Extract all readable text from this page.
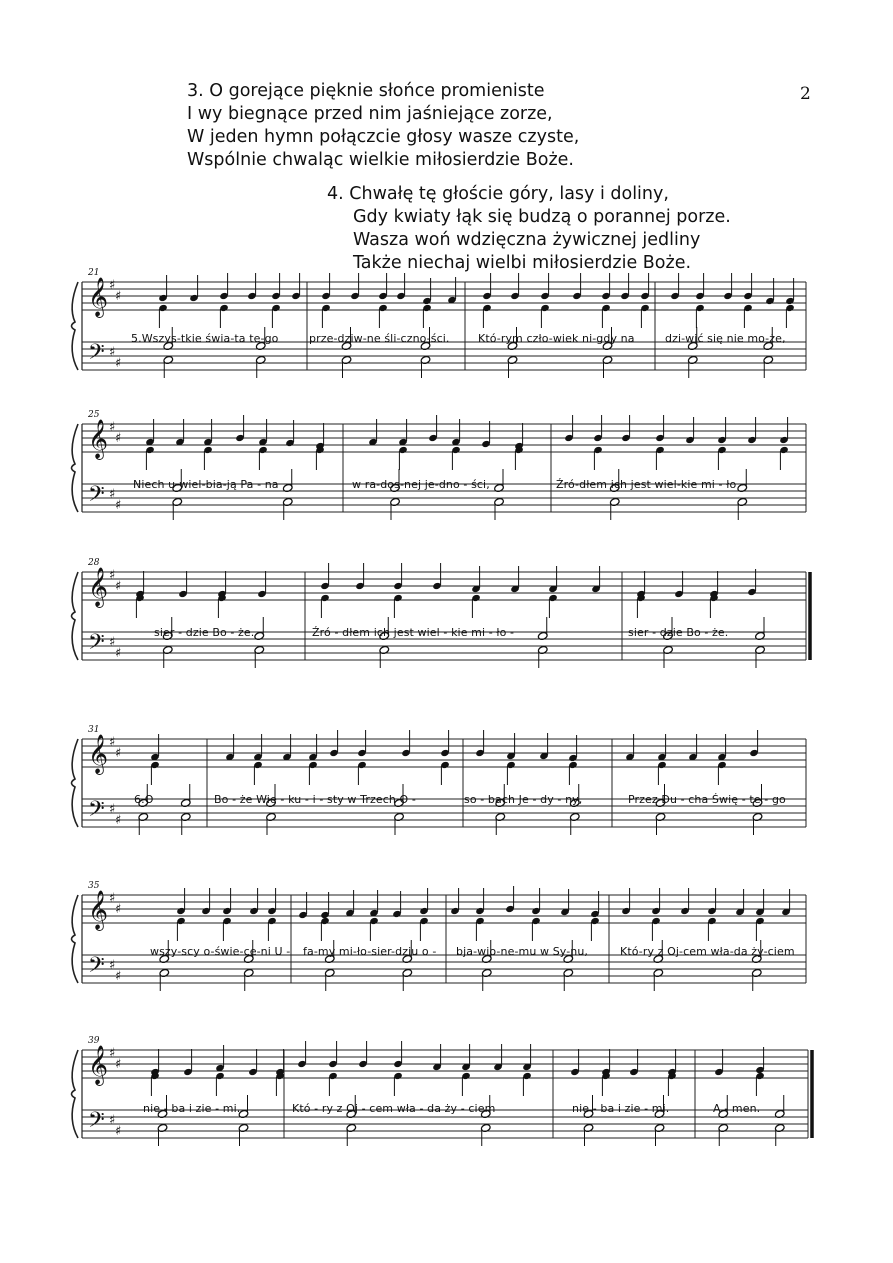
2
3. O gorejące pięknie słońce promieniste
I wy biegnące przed nim jaśniejące zorze,
W jeden hymn połączcie głosy wasze czyste,
Wspólnie chwaląc wielkie miłosierdzie Boże.
4. Chwałę tę głoście góry, lasy i doliny,
Gdy kwiaty łąk się budzą o porannej porze.
Wasza woń wdzięczna żywicznej jedliny
Także niechaj wielbi miłosierdzie Boże.
𝄞
𝄢
♯
♯
♯
♯
21
5.Wszys-tkie świa-ta te-go	prze-dziw-ne śli-czno-ści.	Któ-rym czło-wiek ni-gdy na	dzi-wić się nie mo-że,
𝄞
𝄢
♯
♯
♯
♯
25
Niech u-wiel-bia-ją Pa - na	w ra-dos-nej je-dno - ści,	Źró-dłem ich jest wiel-kie mi - ło -
𝄞
𝄢
♯
♯
♯
♯
28
sier - dzie Bo - że.	Źró - dłem ich jest wiel - kie mi - ło -	sier - dzie Bo - że.
𝄞
𝄢
♯
♯
♯
♯
31
6.O	Bo - że Wie - ku - i - sty w Trzech O -	so - bach Je - dy - ny,	Przez Du - cha Świę - te - go
𝄞
𝄢
♯
♯
♯
♯
35
wszy-scy o-świe-ce-ni U - fa-my mi-ło-sier-dziu o - bja-wio-ne-mu w Sy-nu,	Któ-ry z Oj-cem wła-da ży-ciem
𝄞
𝄢
♯
♯
♯
♯
39
nie - ba i zie - mi.	Któ - ry z Oj - cem wła - da ży - ciem	nie - ba i zie - mi.	A - men.
